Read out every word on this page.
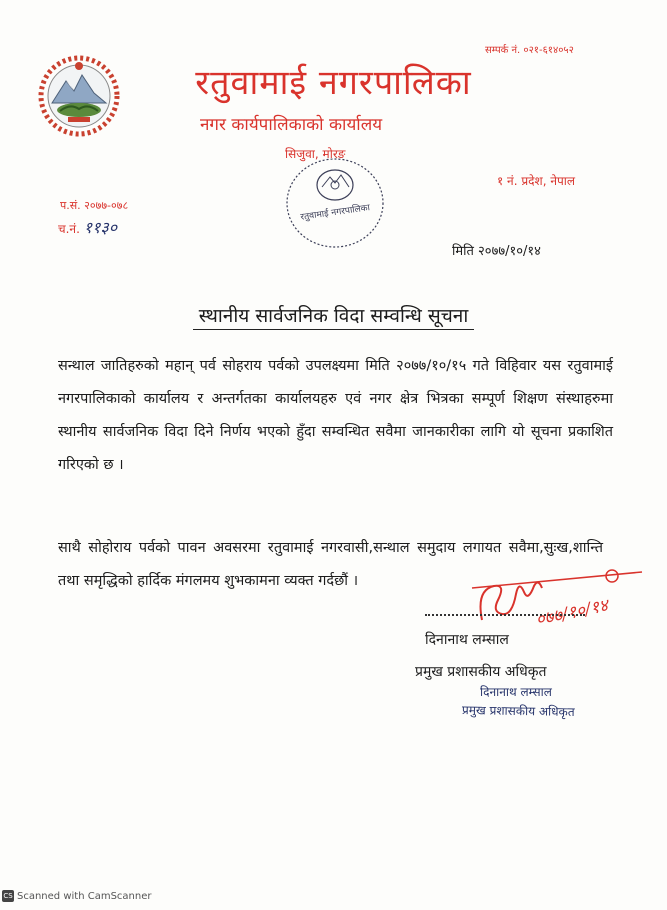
सम्पर्क नं. ०२१-६१४०५२
रतुवामाई नगरपालिका
नगर कार्यपालिकाको कार्यालय
सिजुवा, मोरङ
१ नं. प्रदेश, नेपाल
प.सं. २०७७-०७८
च.नं. ११३०
रतुवामाई नगरपालिका
मिति २०७७/१०/१४
स्थानीय सार्वजनिक विदा सम्वन्धि सूचना
सन्थाल जातिहरुको महान् पर्व सोहराय पर्वको उपलक्ष्यमा मिति २०७७/१०/१५ गते विहिवार यस रतुवामाई नगरपालिकाको कार्यालय र अन्तर्गतका कार्यालयहरु एवं नगर क्षेत्र भित्रका सम्पूर्ण शिक्षण संस्थाहरुमा स्थानीय सार्वजनिक विदा दिने निर्णय भएको हुँदा सम्वन्धित सवैमा जानकारीका लागि यो सूचना प्रकाशित गरिएको छ ।
साथै सोहोराय पर्वको पावन अवसरमा रतुवामाई नगरवासी,सन्थाल समुदाय लगायत सवैमा,सुःख,शान्ति तथा समृद्धिको हार्दिक मंगलमय शुभकामना व्यक्त गर्दछौं ।
०७७/१०/१४
दिनानाथ लम्साल
प्रमुख प्रशासकीय अधिकृत
दिनानाथ लम्साल
प्रमुख प्रशासकीय अधिकृत
CS Scanned with CamScanner
